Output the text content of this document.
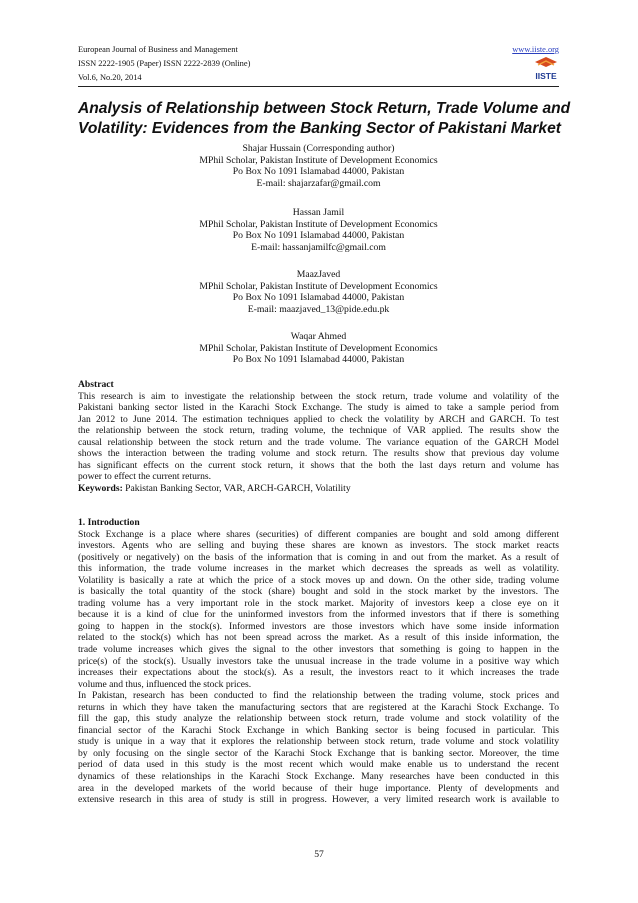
European Journal of Business and Management
ISSN 2222-1905 (Paper) ISSN 2222-2839 (Online)
Vol.6, No.20, 2014
www.iiste.org
IISTE
Analysis of Relationship between Stock Return, Trade Volume and
Volatility: Evidences from the Banking Sector of Pakistani Market
Shajar Hussain (Corresponding author)
MPhil Scholar, Pakistan Institute of Development Economics
Po Box No 1091 Islamabad 44000, Pakistan
E-mail: shajarzafar@gmail.com
Hassan Jamil
MPhil Scholar, Pakistan Institute of Development Economics
Po Box No 1091 Islamabad 44000, Pakistan
E-mail: hassanjamilfc@gmail.com
MaazJaved
MPhil Scholar, Pakistan Institute of Development Economics
Po Box No 1091 Islamabad 44000, Pakistan
E-mail: maazjaved_13@pide.edu.pk
Waqar Ahmed
MPhil Scholar, Pakistan Institute of Development Economics
Po Box No 1091 Islamabad 44000, Pakistan
Abstract
This research is aim to investigate the relationship between the stock return, trade volume and volatility of the
Pakistani banking sector listed in the Karachi Stock Exchange. The study is aimed to take a sample period from
Jan 2012 to June 2014. The estimation techniques applied to check the volatility by ARCH and GARCH. To test
the relationship between the stock return, trading volume, the technique of VAR applied. The results show the
causal relationship between the stock return and the trade volume. The variance equation of the GARCH Model
shows the interaction between the trading volume and stock return. The results show that previous day volume
has significant effects on the current stock return, it shows that the both the last days return and volume has
power to effect the current returns.
Keywords: Pakistan Banking Sector, VAR, ARCH-GARCH, Volatility
1. Introduction
Stock Exchange is a place where shares (securities) of different companies are bought and sold among different
investors. Agents who are selling and buying these shares are known as investors. The stock market reacts
(positively or negatively) on the basis of the information that is coming in and out from the market. As a result of
this information, the trade volume increases in the market which decreases the spreads as well as volatility.
Volatility is basically a rate at which the price of a stock moves up and down. On the other side, trading volume
is basically the total quantity of the stock (share) bought and sold in the stock market by the investors. The
trading volume has a very important role in the stock market. Majority of investors keep a close eye on it
because it is a kind of clue for the uninformed investors from the informed investors that if there is something
going to happen in the stock(s). Informed investors are those investors which have some inside information
related to the stock(s) which has not been spread across the market. As a result of this inside information, the
trade volume increases which gives the signal to the other investors that something is going to happen in the
price(s) of the stock(s). Usually investors take the unusual increase in the trade volume in a positive way which
increases their expectations about the stock(s). As a result, the investors react to it which increases the trade
volume and thus, influenced the stock prices.
In Pakistan, research has been conducted to find the relationship between the trading volume, stock prices and
returns in which they have taken the manufacturing sectors that are registered at the Karachi Stock Exchange. To
fill the gap, this study analyze the relationship between stock return, trade volume and stock volatility of the
financial sector of the Karachi Stock Exchange in which Banking sector is being focused in particular. This
study is unique in a way that it explores the relationship between stock return, trade volume and stock volatility
by only focusing on the single sector of the Karachi Stock Exchange that is banking sector. Moreover, the time
period of data used in this study is the most recent which would make enable us to understand the recent
dynamics of these relationships in the Karachi Stock Exchange. Many researches have been conducted in this
area in the developed markets of the world because of their huge importance. Plenty of developments and
extensive research in this area of study is still in progress. However, a very limited research work is available to
57
